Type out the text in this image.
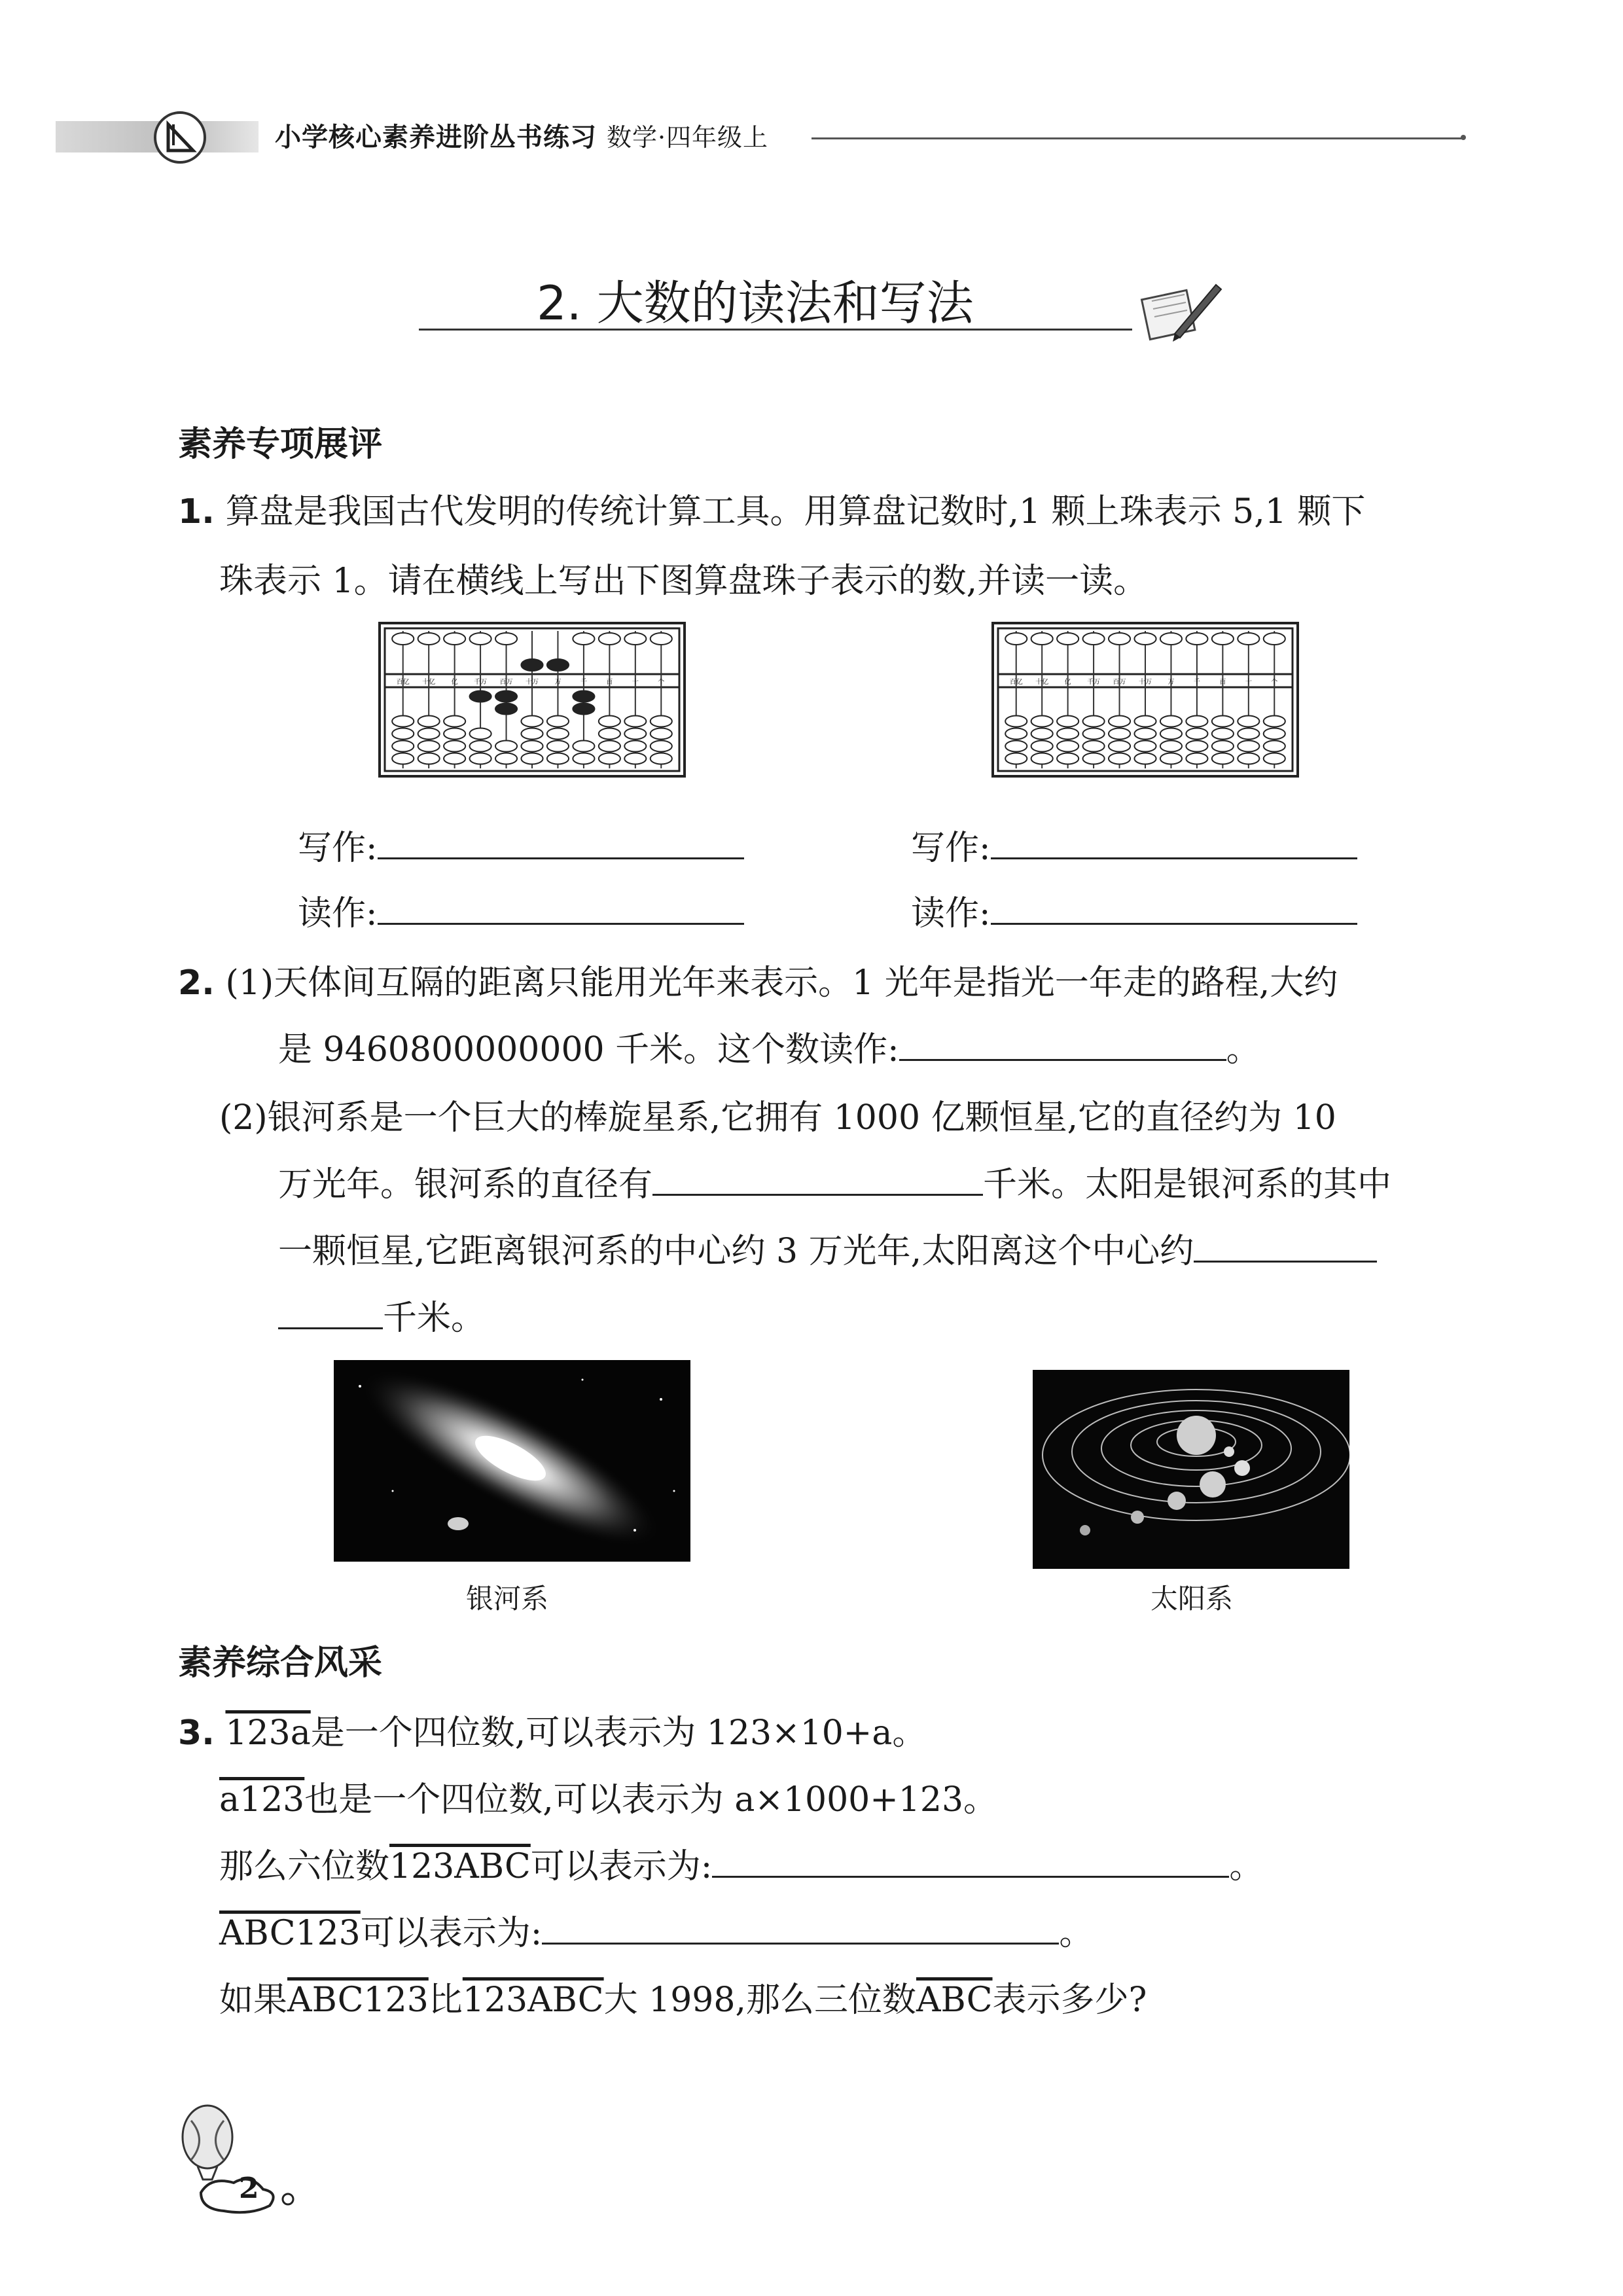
小学核心素养进阶丛书练习 数学·四年级上
2. 大数的读法和写法
素养专项展评
1. 算盘是我国古代发明的传统计算工具。用算盘记数时,1 颗上珠表示 5,1 颗下
珠表示 1。请在横线上写出下图算盘珠子表示的数,并读一读。
百亿 十亿 亿 千万 百万 十万 万	千	百	十	个	百亿 十亿 亿 千万 百万 十万 万	千	百	十	个
写作:
读作:
写作:
读作:
2. (1)天体间互隔的距离只能用光年来表示。1 光年是指光一年走的路程,大约
是 9460800000000 千米。这个数读作:	。
(2)银河系是一个巨大的棒旋星系,它拥有 1000 亿颗恒星,它的直径约为 10
万光年。银河系的直径有	千米。太阳是银河系的其中
一颗恒星,它距离银河系的中心约 3 万光年,太阳离这个中心约
千米。
银河系	太阳系
素养综合风采
3. 123a是一个四位数,可以表示为 123×10+a。
a123也是一个四位数,可以表示为 a×1000+123。
那么六位数123ABC可以表示为:	。
ABC123可以表示为:	。
如果ABC123比123ABC大 1998,那么三位数$\overline{ABC}$表示多少?
2
